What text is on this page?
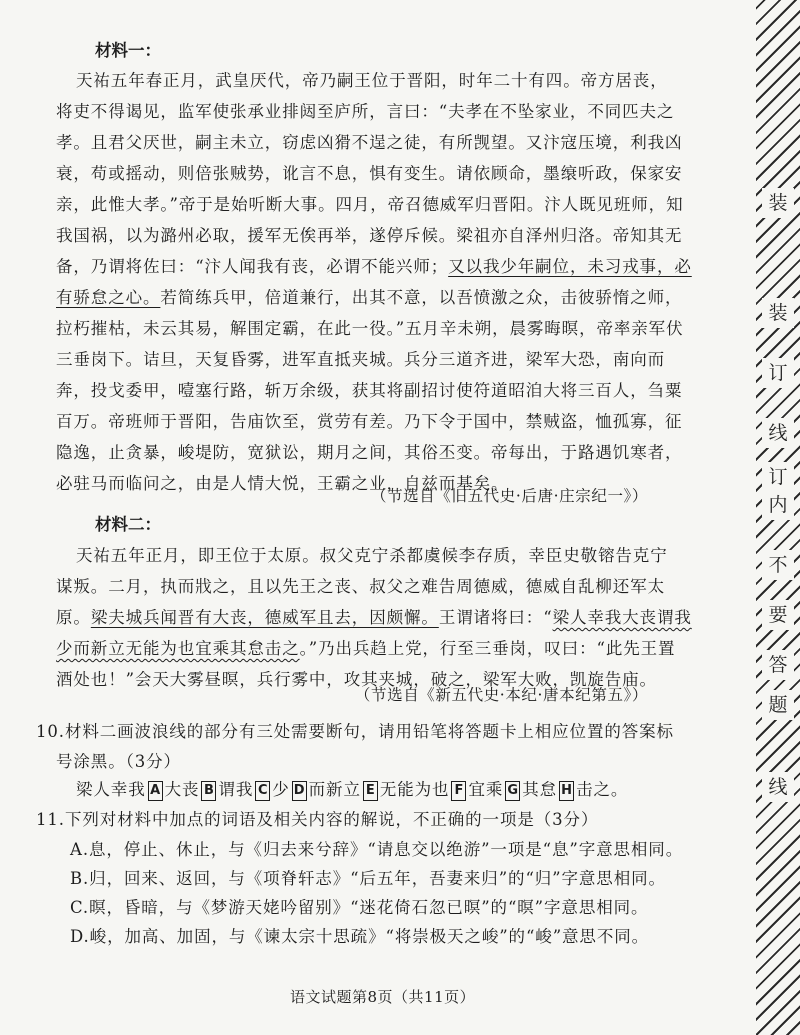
材料一：
天祐五年春正月，武皇厌代，帝乃嗣王位于晋阳，时年二十有四。帝方居丧，
将吏不得谒见，监军使张承业排闼至庐所，言曰：“夫孝在不坠家业，不同匹夫之
孝。且君父厌世，嗣主未立，窃虑凶猾不逞之徒，有所觊望。又汴寇压境，利我凶
衰，苟或摇动，则倍张贼势，讹言不息，惧有变生。请依顾命，墨缞听政，保家安
亲，此惟大孝。”帝于是始听断大事。四月，帝召德威军归晋阳。汴人既见班师，知
我国祸，以为潞州必取，援军无俟再举，遂停斥候。梁祖亦自泽州归洛。帝知其无
备，乃谓将佐曰：“汴人闻我有丧，必谓不能兴师；又以我少年嗣位，未习戎事，必
有骄怠之心。若简练兵甲，倍道兼行，出其不意，以吾愤激之众，击彼骄惰之师，
拉朽摧枯，未云其易，解围定霸，在此一役。”五月辛未朔，晨雾晦暝，帝率亲军伏
三垂岗下。诘旦，天复昏雾，进军直抵夹城。兵分三道齐进，梁军大恐，南向而
奔，投戈委甲，噎塞行路，斩万余级，获其将副招讨使符道昭洎大将三百人，刍粟
百万。帝班师于晋阳，告庙饮至，赏劳有差。乃下令于国中，禁贼盗，恤孤寡，征
隐逸，止贪暴，峻堤防，宽狱讼，期月之间，其俗丕变。帝每出，于路遇饥寒者，
必驻马而临问之，由是人情大悦，王霸之业，自兹而基矣。
（节选自《旧五代史·后唐·庄宗纪一》）
材料二：
天祐五年正月，即王位于太原。叔父克宁杀都虞候李存质，幸臣史敬镕告克宁
谋叛。二月，执而戕之，且以先王之丧、叔父之难告周德威，德威自乱柳还军太
原。梁夫城兵闻晋有大丧，德威军且去，因颇懈。王谓诸将曰：“梁人幸我大丧谓我
少而新立无能为也宜乘其怠击之。”乃出兵趋上党，行至三垂岗，叹曰：“此先王置
酒处也！”会天大雾昼暝，兵行雾中，攻其夹城，破之，梁军大败，凯旋告庙。
（节选自《新五代史·本纪·唐本纪第五》）
10.材料二画波浪线的部分有三处需要断句，请用铅笔将答题卡上相应位置的答案标
号涂黑。（3分）
梁人幸我 A 大丧 B 谓我 C 少 D 而新立 E 无能为也 F 宜乘 G 其怠 H 击之。
11.下列对材料中加点的词语及相关内容的解说，不正确的一项是（3分）
A.息，停止、休止，与《归去来兮辞》“请息交以绝游”一项是“息”字意思相同。
B.归，回来、返回，与《项脊轩志》“后五年，吾妻来归”的“归”字意思相同。
C.暝，昏暗，与《梦游天姥吟留别》“迷花倚石忽已暝”的“暝”字意思相同。
D.峻，加高、加固，与《谏太宗十思疏》“将崇极天之峻”的“峻”意思不同。
语文试题第8页（共11页）
装
装
订
线
订
内
不
要
答
题
线
